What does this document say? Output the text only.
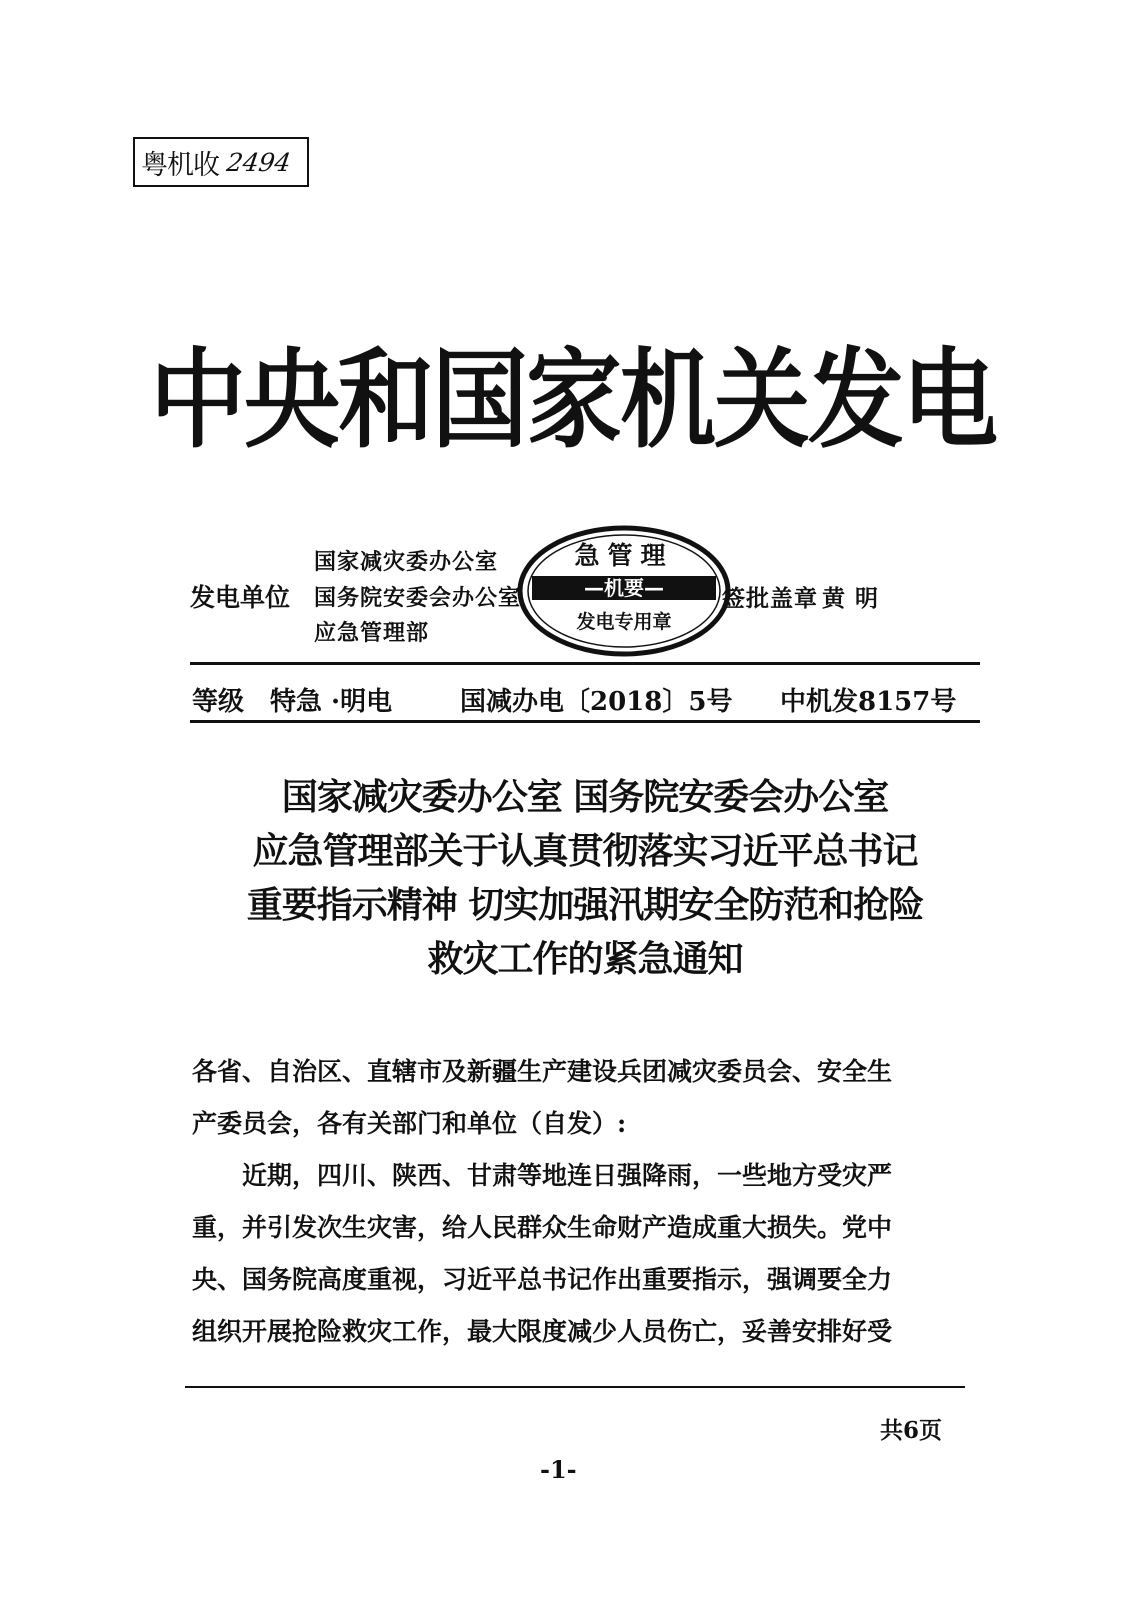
粤机收 2494
中央和国家机关发电
发电单位
国家减灾委办公室
国务院安委会办公室
应急管理部
签批盖章 黄 明
急管理
—机要—
发电专用章
等级 特急 ·明电	国减办电〔2018〕5号 中机发8157号
国家减灾委办公室 国务院安委会办公室
应急管理部关于认真贯彻落实习近平总书记
重要指示精神 切实加强汛期安全防范和抢险
救灾工作的紧急通知

各省、自治区、直辖市及新疆生产建设兵团减灾委员会、安全生

产委员会，各有关部门和单位（自发）:

近期，四川、陕西、甘肃等地连日强降雨，一些地方受灾严

重，并引发次生灾害，给人民群众生命财产造成重大损失。党中

央、国务院高度重视，习近平总书记作出重要指示，强调要全力

组织开展抢险救灾工作，最大限度减少人员伤亡，妥善安排好受

共6页
-1-
